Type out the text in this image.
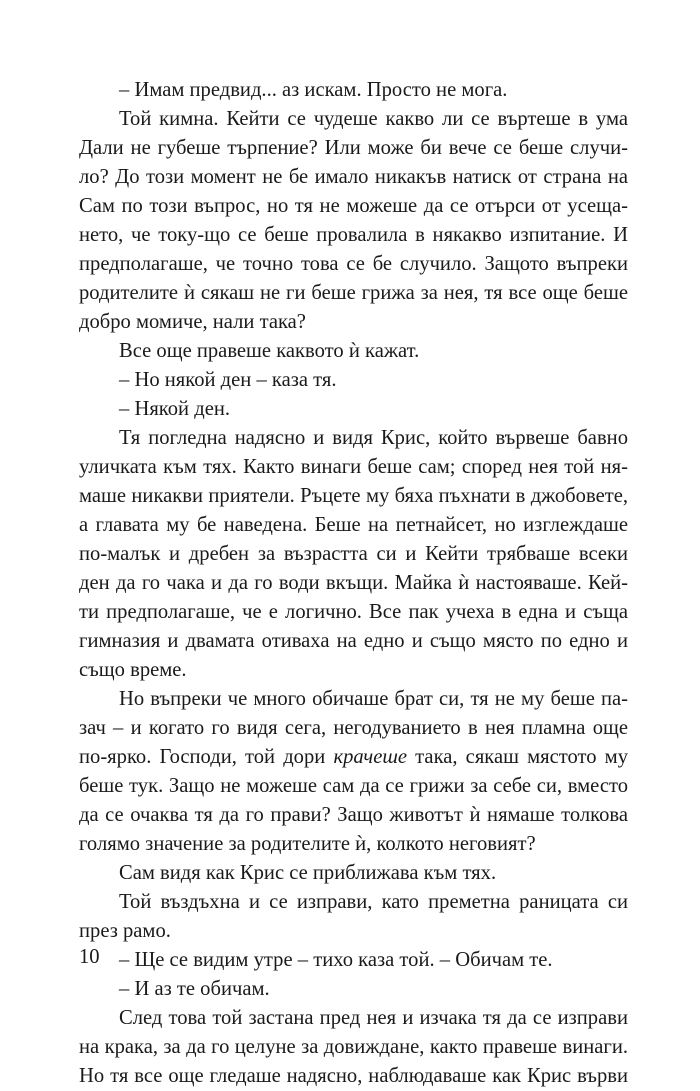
– Имам предвид... аз искам. Просто не мога.
Той кимна. Кейти се чудеше какво ли се въртеше в ума
Дали не губеше търпение? Или може би вече се беше случи-
ло? До този момент не бе имало никакъв натиск от страна на
Сам по този въпрос, но тя не можеше да се отърси от усеща-
нето, че току-що се беше провалила в някакво изпитание. И
предполагаше, че точно това се бе случило. Защото въпреки
родителите ѝ сякаш не ги беше грижа за нея, тя все още беше
добро момиче, нали така?
Все още правеше каквото ѝ кажат.
– Но някой ден – каза тя.
– Някой ден.
Тя погледна надясно и видя Крис, който вървеше бавно
уличката към тях. Както винаги беше сам; според нея той ня-
маше никакви приятели. Ръцете му бяха пъхнати в джобовете,
а главата му бе наведена. Беше на петнайсет, но изглеждаше
по-малък и дребен за възрастта си и Кейти трябваше всеки
ден да го чака и да го води вкъщи. Майка ѝ настояваше. Кей-
ти предполагаше, че е логично. Все пак учеха в една и съща
гимназия и двамата отиваха на едно и също място по едно и
също време.
Но въпреки че много обичаше брат си, тя не му беше па-
зач – и когато го видя сега, негодуванието в нея пламна още
по-ярко. Господи, той дори крачеше така, сякаш мястото му
беше тук. Защо не можеше сам да се грижи за себе си, вместо
да се очаква тя да го прави? Защо животът ѝ нямаше толкова
голямо значение за родителите ѝ, колкото неговият?
Сам видя как Крис се приближава към тях.
Той въздъхна и се изправи, като преметна раницата си
през рамо.
– Ще се видим утре – тихо каза той. – Обичам те.
– И аз те обичам.
След това той застана пред нея и изчака тя да се изправи
на крака, за да го целуне за довиждане, както правеше винаги.
Но тя все още гледаше надясно, наблюдаваше как Крис върви
10
